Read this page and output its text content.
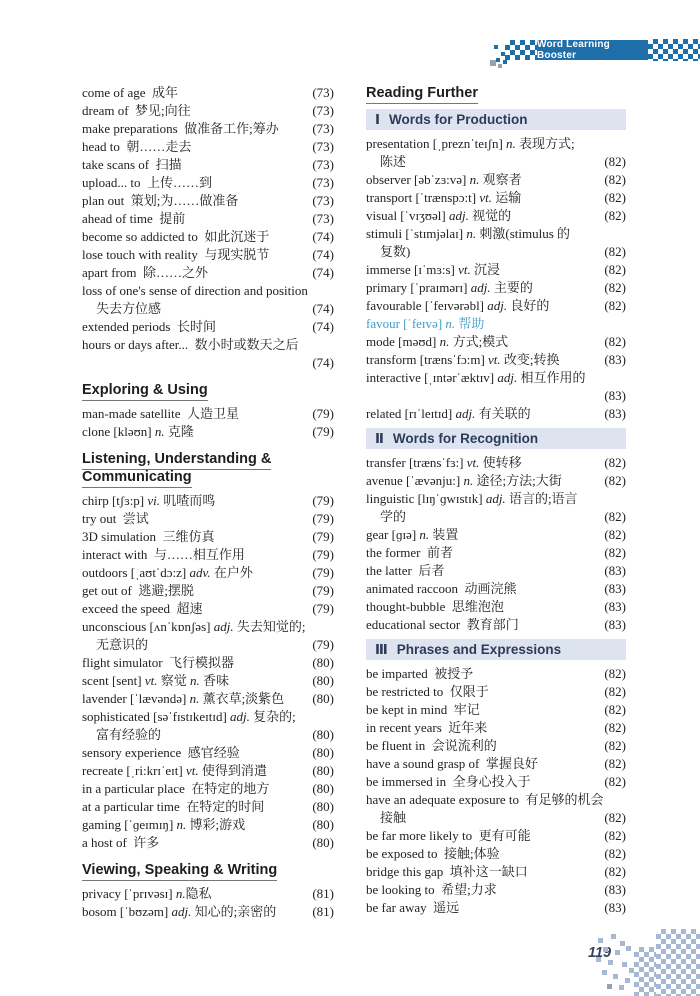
Word Learning Booster
come of age  成年	(73)
dream of  梦见;向往	(73)
make preparations  做准备工作;筹办	(73)
head to  朝……走去	(73)
take scans of  扫描	(73)
upload... to  上传……到	(73)
plan out  策划;为……做准备	(73)
ahead of time  提前	(73)
become so addicted to  如此沉迷于	(74)
lose touch with reality  与现实脱节	(74)
apart from  除……之外	(74)
loss of one's sense of direction and position
失去方位感	(74)
extended periods  长时间	(74)
hours or days after...  数小时或数天之后
(74)
Exploring & Using
man-made satellite  人造卫星	(79)
clone [kləʊn] n. 克隆	(79)
Listening, Understanding & Communicating
chirp [tʃɜ:p] vi. 叽喳而鸣	(79)
try out  尝试	(79)
3D simulation  三维仿真	(79)
interact with  与……相互作用	(79)
outdoors [ˌaʊtˈdɔ:z] adv. 在户外	(79)
get out of  逃避;摆脱	(79)
exceed the speed  超速	(79)
unconscious [ʌnˈkɒnʃəs] adj. 失去知觉的;
无意识的	(79)
flight simulator  飞行模拟器	(80)
scent [sent] vt. 察觉 n. 香味	(80)
lavender [ˈlævəndə] n. 薰衣草;淡紫色	(80)
sophisticated [səˈfɪstɪkeɪtɪd] adj. 复杂的;
富有经验的	(80)
sensory experience  感官经验	(80)
recreate [ˌri:krɪˈeɪt] vt. 使得到消遣	(80)
in a particular place  在特定的地方	(80)
at a particular time  在特定的时间	(80)
gaming [ˈɡeɪmɪŋ] n. 博彩;游戏	(80)
a host of  许多	(80)
Viewing, Speaking & Writing
privacy [ˈprɪvəsɪ] n.隐私	(81)
bosom [ˈbʊzəm] adj. 知心的;亲密的	(81)
Reading Further
Ⅰ Words for Production
presentation [ˌpreznˈteɪʃn] n. 表现方式;
陈述	(82)
observer [əbˈzɜ:və] n. 观察者	(82)
transport [ˈtrænspɔ:t] vt. 运输	(82)
visual [ˈvɪʒʊəl] adj. 视觉的	(82)
stimuli [ˈstɪmjəlaɪ] n. 刺激(stimulus 的
复数)	(82)
immerse [ɪˈmɜ:s] vt. 沉浸	(82)
primary [ˈpraɪmərɪ] adj. 主要的	(82)
favourable [ˈfeɪvərəbl] adj. 良好的	(82)
favour [ˈfeɪvə] n. 帮助
mode [məʊd] n. 方式;模式	(82)
transform [trænsˈfɔ:m] vt. 改变;转换	(83)
interactive [ˌɪntərˈæktɪv] adj. 相互作用的
(83)
related [rɪˈleɪtɪd] adj. 有关联的	(83)
Ⅱ Words for Recognition
transfer [trænsˈfɜ:] vt. 使转移	(82)
avenue [ˈævənju:] n. 途径;方法;大街	(82)
linguistic [lɪŋˈɡwɪstɪk] adj. 语言的;语言
学的	(82)
gear [ɡɪə] n. 装置	(82)
the former  前者	(82)
the latter  后者	(83)
animated raccoon  动画浣熊	(83)
thought-bubble  思维泡泡	(83)
educational sector  教育部门	(83)
Ⅲ Phrases and Expressions
be imparted  被授予	(82)
be restricted to  仅限于	(82)
be kept in mind  牢记	(82)
in recent years  近年来	(82)
be fluent in  会说流利的	(82)
have a sound grasp of  掌握良好	(82)
be immersed in  全身心投入于	(82)
have an adequate exposure to  有足够的机会
接触	(82)
be far more likely to  更有可能	(82)
be exposed to  接触;体验	(82)
bridge this gap  填补这一缺口	(82)
be looking to  希望;力求	(83)
be far away  遥远	(83)
119
